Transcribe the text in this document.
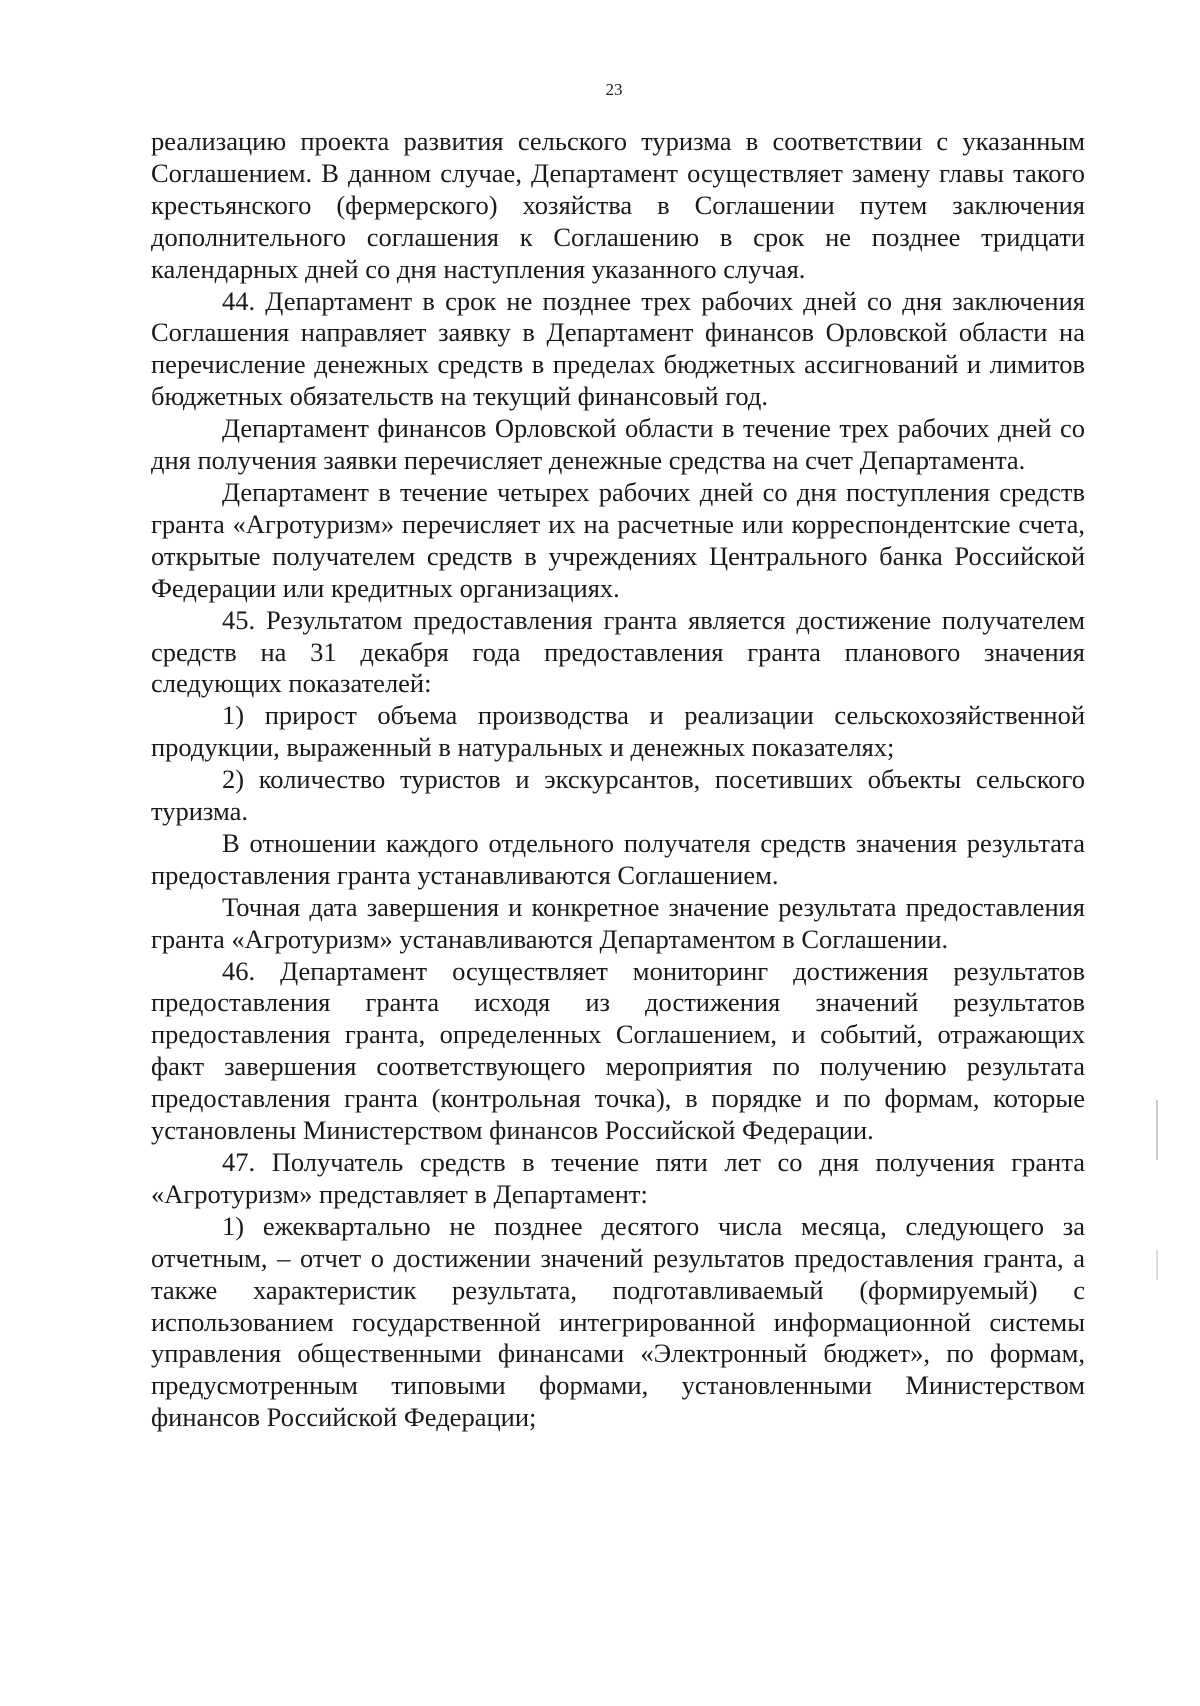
23

реализацию проекта развития сельского туризма в соответствии с указанным Соглашением. В данном случае, Департамент осуществляет замену главы такого крестьянского (фермерского) хозяйства в Соглашении путем заключения дополнительного соглашения к Соглашению в срок не позднее тридцати календарных дней со дня наступления указанного случая.

44. Департамент в срок не позднее трех рабочих дней со дня заключения Соглашения направляет заявку в Департамент финансов Орловской области на перечисление денежных средств в пределах бюджетных ассигнований и лимитов бюджетных обязательств на текущий финансовый год.

Департамент финансов Орловской области в течение трех рабочих дней со дня получения заявки перечисляет денежные средства на счет Департамента.

Департамент в течение четырех рабочих дней со дня поступления средств гранта «Агротуризм» перечисляет их на расчетные или корреспондентские счета, открытые получателем средств в учреждениях Центрального банка Российской Федерации или кредитных организациях.

45. Результатом предоставления гранта является достижение получателем средств на 31 декабря года предоставления гранта планового значения следующих показателей:

1) прирост объема производства и реализации сельскохозяйственной продукции, выраженный в натуральных и денежных показателях;

2) количество туристов и экскурсантов, посетивших объекты сельского туризма.

В отношении каждого отдельного получателя средств значения результата предоставления гранта устанавливаются Соглашением.

Точная дата завершения и конкретное значение результата предоставления гранта «Агротуризм» устанавливаются Департаментом в Соглашении.

46. Департамент осуществляет мониторинг достижения результатов предоставления гранта исходя из достижения значений результатов предоставления гранта, определенных Соглашением, и событий, отражающих факт завершения соответствующего мероприятия по получению результата предоставления гранта (контрольная точка), в порядке и по формам, которые установлены Министерством финансов Российской Федерации.

47. Получатель средств в течение пяти лет со дня получения гранта «Агротуризм» представляет в Департамент:

1) ежеквартально не позднее десятого числа месяца, следующего за отчетным, – отчет о достижении значений результатов предоставления гранта, а также характеристик результата, подготавливаемый (формируемый) с использованием государственной интегрированной информационной системы управления общественными финансами «Электронный бюджет», по формам, предусмотренным типовыми формами, установленными Министерством финансов Российской Федерации;
